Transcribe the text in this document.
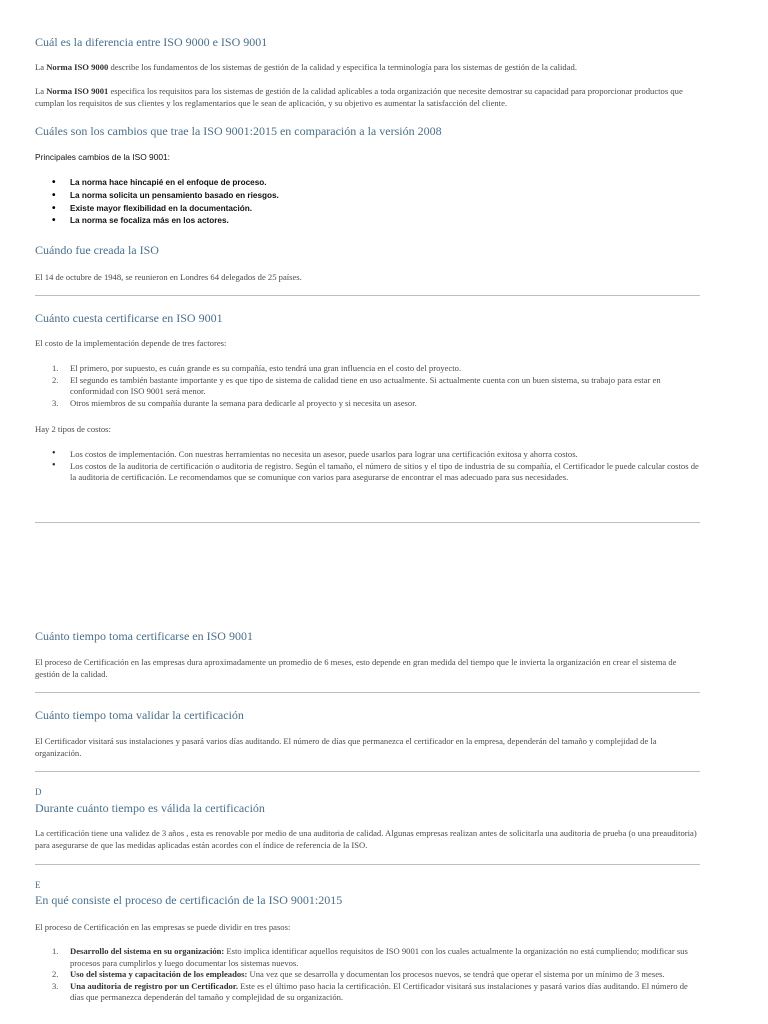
Cuál es la diferencia entre ISO 9000 e ISO 9001

La Norma ISO 9000 describe los fundamentos de los sistemas de gestión de la calidad y especifica la terminología para los sistemas de gestión de la calidad.

La Norma ISO 9001 especifica los requisitos para los sistemas de gestión de la calidad aplicables a toda organización que necesite demostrar su capacidad para proporcionar productos que cumplan los requisitos de sus clientes y los reglamentarios que le sean de aplicación, y su objetivo es aumentar la satisfacción del cliente.

Cuáles son los cambios que trae la ISO 9001:2015 en comparación a la versión 2008

Principales cambios de la ISO 9001:

• La norma hace hincapié en el enfoque de proceso.
• La norma solicita un pensamiento basado en riesgos.
• Existe mayor flexibilidad en la documentación.
• La norma se focaliza más en los actores.
Cuándo fue creada la ISO

El 14 de octubre de 1948, se reunieron en Londres 64 delegados de 25 países.

Cuánto cuesta certificarse en ISO 9001

El costo de la implementación depende de tres factores:

1. El primero, por supuesto, es cuán grande es su compañía, esto tendrá una gran influencia en el costo del proyecto.
2. El segundo es también bastante importante y es que tipo de sistema de calidad tiene en uso actualmente. Si actualmente cuenta con un buen sistema, su trabajo para estar en conformidad con ISO 9001 será menor.
3. Otros miembros de su compañía durante la semana para dedicarle al proyecto y si necesita un asesor.

Hay 2 tipos de costos:

• Los costos de implementación. Con nuestras herramientas no necesita un asesor, puede usarlos para lograr una certificación exitosa y ahorra costos.
• Los costos de la auditoria de certificación o auditoria de registro. Según el tamaño, el número de sitios y el tipo de industria de su compañía, el Certificador le puede calcular costos de la auditoria de certificación. Le recomendamos que se comunique con varios para asegurarse de encontrar el mas adecuado para sus necesidades.
Cuánto tiempo toma certificarse en ISO 9001

El proceso de Certificación en las empresas dura aproximadamente un promedio de 6 meses, esto depende en gran medida del tiempo que le invierta la organización en crear el sistema de gestión de la calidad.

Cuánto tiempo toma validar la certificación

El Certificador visitará sus instalaciones y pasará varios días auditando. El número de días que permanezca el certificador en la empresa, dependerán del tamaño y complejidad de la organización.

D
Durante cuánto tiempo es válida la certificación

La certificación tiene una validez de 3 años , esta es renovable por medio de una auditoria de calidad. Algunas empresas realizan antes de solicitarla una auditoria de prueba (o una preauditoria) para asegurarse de que las medidas aplicadas están acordes con el índice de referencia de la ISO.

E
En qué consiste el proceso de certificación de la ISO 9001:2015

El proceso de Certificación en las empresas se puede dividir en tres pasos:

1. Desarrollo del sistema en su organización: Esto implica identificar aquellos requisitos de ISO 9001 con los cuales actualmente la organización no está cumpliendo; modificar sus procesos para cumplirlos y luego documentar los sistemas nuevos.
2. Uso del sistema y capacitación de los empleados: Una vez que se desarrolla y documentan los procesos nuevos, se tendrá que operar el sistema por un mínimo de 3 meses.
3. Una auditoria de registro por un Certificador. Este es el último paso hacia la certificación. El Certificador visitará sus instalaciones y pasará varios días auditando. El número de días que permanezca dependerán del tamaño y complejidad de su organización.
